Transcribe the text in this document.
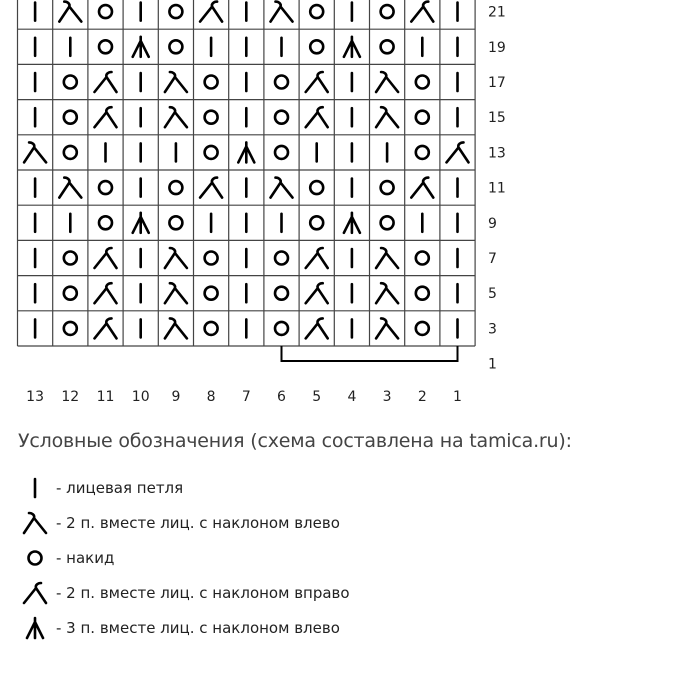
21
19
17
15
13
11
9
7
5
3
1
13 12 11 10 9 8 7 6 5 4 3 2 1
Условные обозначения (схема составлена на tamica.ru):
- лицевая петля
- 2 п. вместе лиц. с наклоном влево
- накид
- 2 п. вместе лиц. с наклоном вправо
- 3 п. вместе лиц. с наклоном влево
